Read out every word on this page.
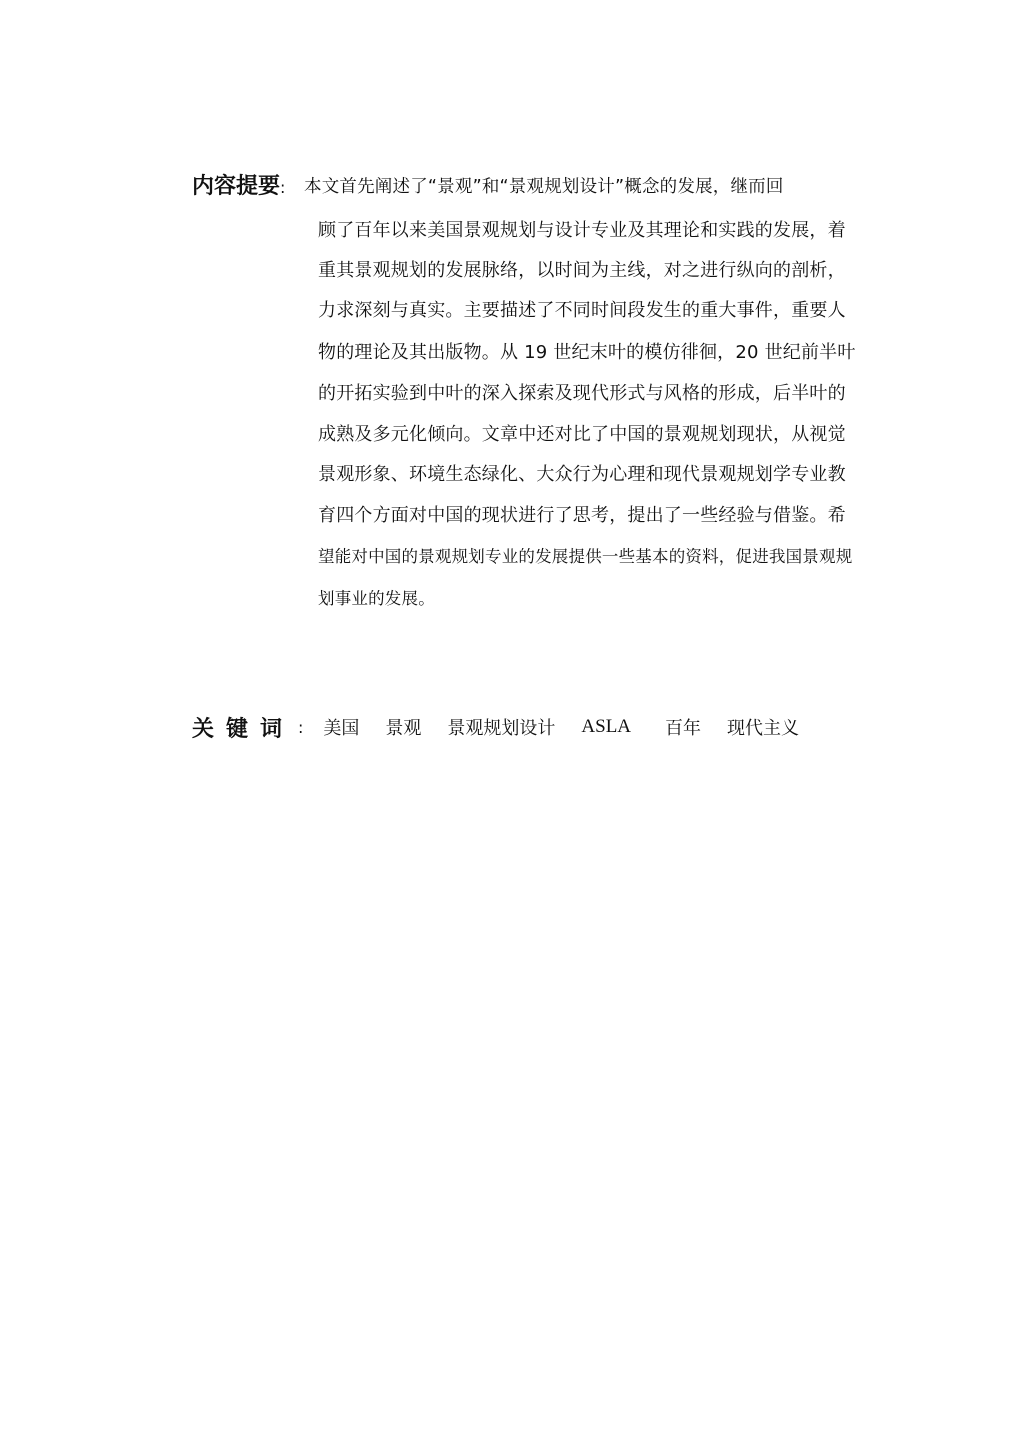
内容提要: 本文首先阐述了“景观”和“景观规划设计”概念的发展，继而回
顾了百年以来美国景观规划与设计专业及其理论和实践的发展，着
重其景观规划的发展脉络，以时间为主线，对之进行纵向的剖析，
力求深刻与真实。主要描述了不同时间段发生的重大事件，重要人
物的理论及其出版物。从 19 世纪末叶的模仿徘徊，20 世纪前半叶
的开拓实验到中叶的深入探索及现代形式与风格的形成，后半叶的
成熟及多元化倾向。文章中还对比了中国的景观规划现状，从视觉
景观形象、环境生态绿化、大众行为心理和现代景观规划学专业教
育四个方面对中国的现状进行了思考，提出了一些经验与借鉴。希
望能对中国的景观规划专业的发展提供一些基本的资料，促进我国景观规
划事业的发展。
关键词 : 美国 景观 景观规划设计 ASLA 百年 现代主义
